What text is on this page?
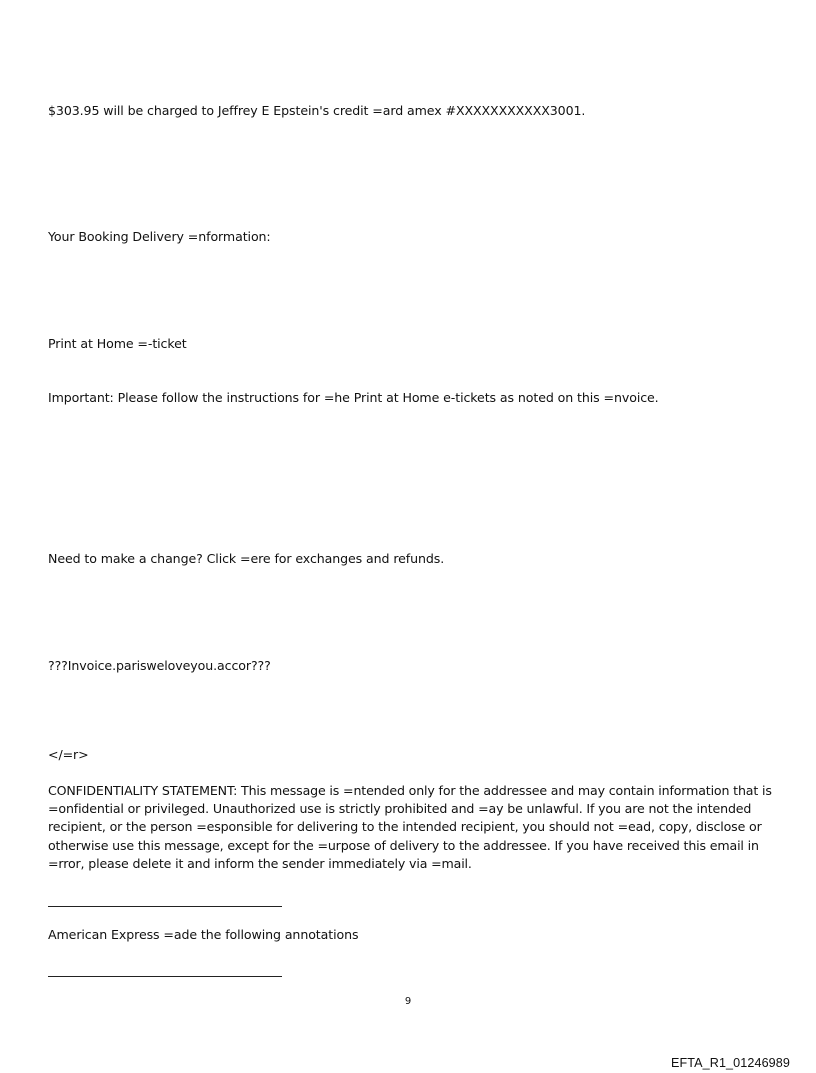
$303.95 will be charged to Jeffrey E Epstein's credit =ard amex #XXXXXXXXXXX3001.
Your Booking Delivery =nformation:
Print at Home =-ticket
Important: Please follow the instructions for =he Print at Home e-tickets as noted on this =nvoice.
Need to make a change? Click =ere for exchanges and refunds.
???Invoice.parisweloveyou.accor???
</=r>
CONFIDENTIALITY STATEMENT: This message is =ntended only for the addressee and may contain information that is =onfidential or privileged. Unauthorized use is strictly prohibited and =ay be unlawful. If you are not the intended recipient, or the person =esponsible for delivering to the intended recipient, you should not =ead, copy, disclose or otherwise use this message, except for the =urpose of delivery to the addressee. If you have received this email in =rror, please delete it and inform the sender immediately via =mail.
American Express =ade the following annotations
9
EFTA_R1_01246989
